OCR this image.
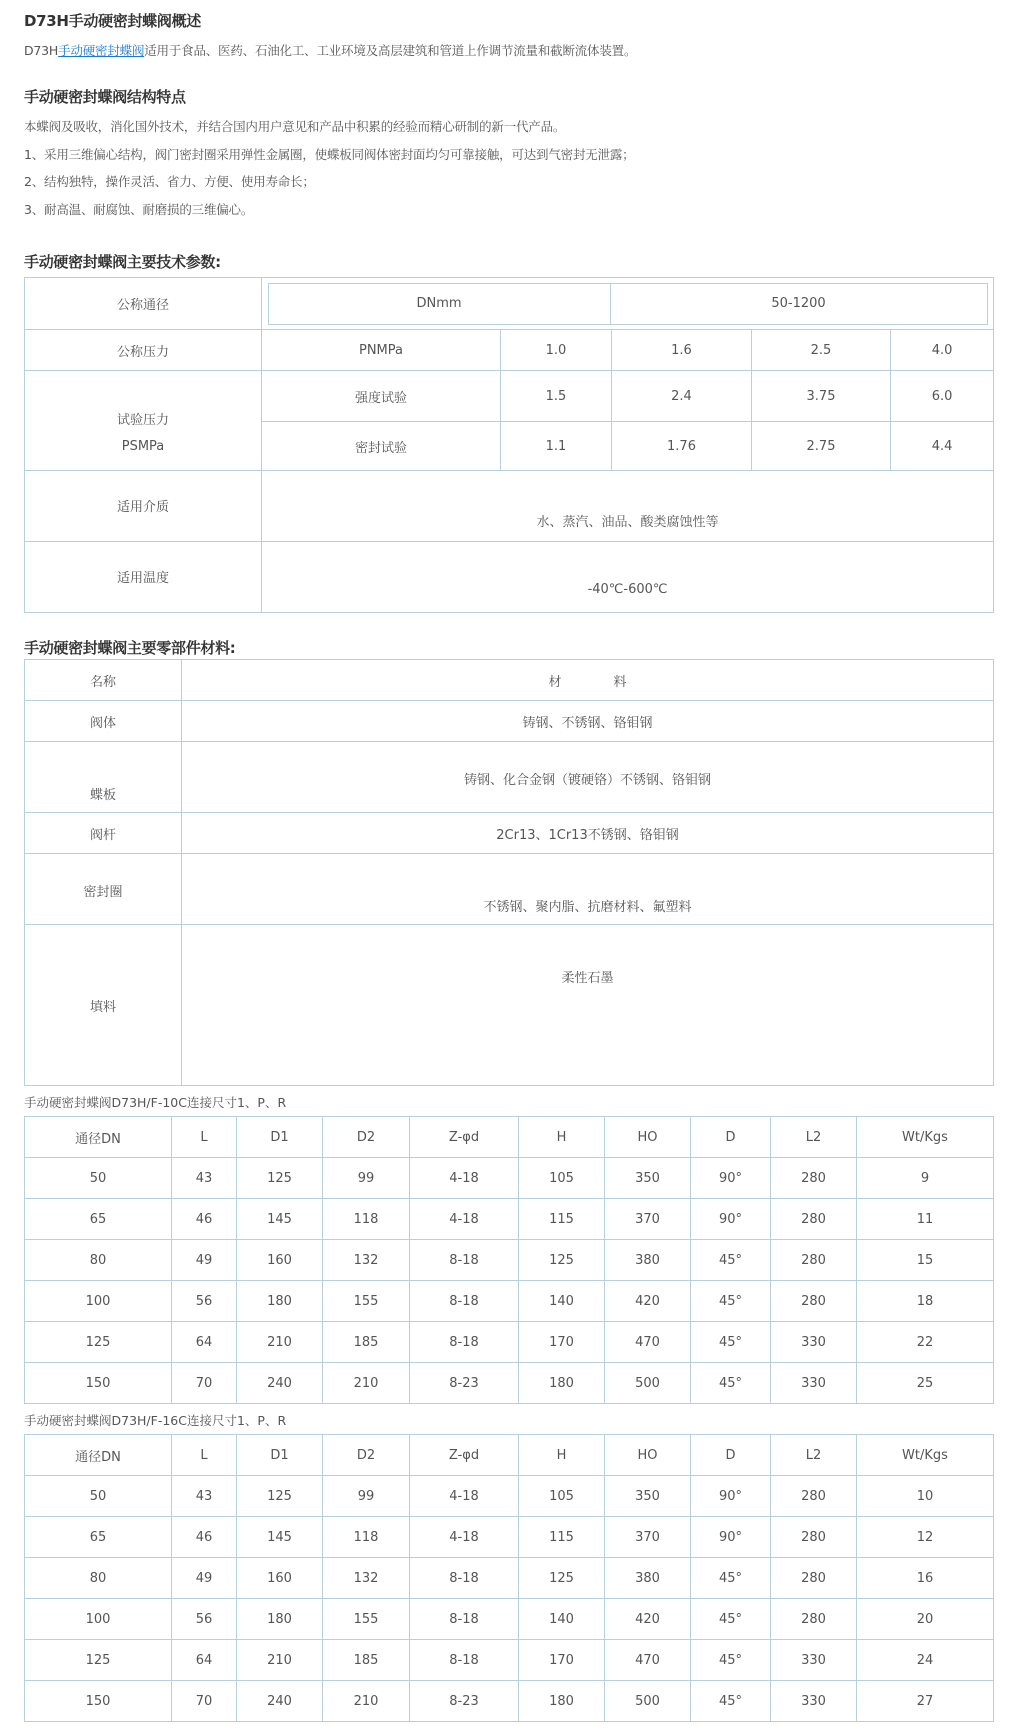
D73H手动硬密封蝶阀概述
D73H手动硬密封蝶阀适用于食品、医药、石油化工、工业环境及高层建筑和管道上作调节流量和截断流体装置。
手动硬密封蝶阀结构特点
本蝶阀及吸收，消化国外技术，并结合国内用户意见和产品中积累的经验而精心研制的新一代产品。
1、采用三维偏心结构，阀门密封圈采用弹性金属圈，使蝶板同阀体密封面均匀可靠接触，可达到气密封无泄露；
2、结构独特，操作灵活、省力、方便、使用寿命长；
3、耐高温、耐腐蚀、耐磨损的三维偏心。
手动硬密封蝶阀主要技术参数:
公称通径		DNmm	50-1200

公称压力	PNMPa	1.0	1.6	2.5	4.0

试验压力
PSMPa
	强度试验	1.5	2.4	3.75	6.0
密封试验	1.1	1.76	2.75	4.4
适用介质	水、蒸汽、油品、酸类腐蚀性等
适用温度	-40℃-600℃
手动硬密封蝶阀主要零部件材料:
名称	材　　　　料
阀体	铸钢、不锈钢、铬钼钢
蝶板	铸钢、化合金钢（镀硬铬）不锈钢、铬钼钢
阀杆	2Cr13、1Cr13不锈钢、铬钼钢
密封圈	不锈钢、聚内脂、抗磨材料、氟塑料
填料	柔性石墨
手动硬密封蝶阀D73H/F-10C连接尺寸1、P、R
通径DN	L	D1	D2	Z-φd	H	HO	D	L2	Wt/Kgs
50	43	125	99	4-18	105	350	90°	280	9
65	46	145	118	4-18	115	370	90°	280	11
80	49	160	132	8-18	125	380	45°	280	15
100	56	180	155	8-18	140	420	45°	280	18
125	64	210	185	8-18	170	470	45°	330	22
150	70	240	210	8-23	180	500	45°	330	25
手动硬密封蝶阀D73H/F-16C连接尺寸1、P、R
通径DN	L	D1	D2	Z-φd	H	HO	D	L2	Wt/Kgs
50	43	125	99	4-18	105	350	90°	280	10
65	46	145	118	4-18	115	370	90°	280	12
80	49	160	132	8-18	125	380	45°	280	16
100	56	180	155	8-18	140	420	45°	280	20
125	64	210	185	8-18	170	470	45°	330	24
150	70	240	210	8-23	180	500	45°	330	27
